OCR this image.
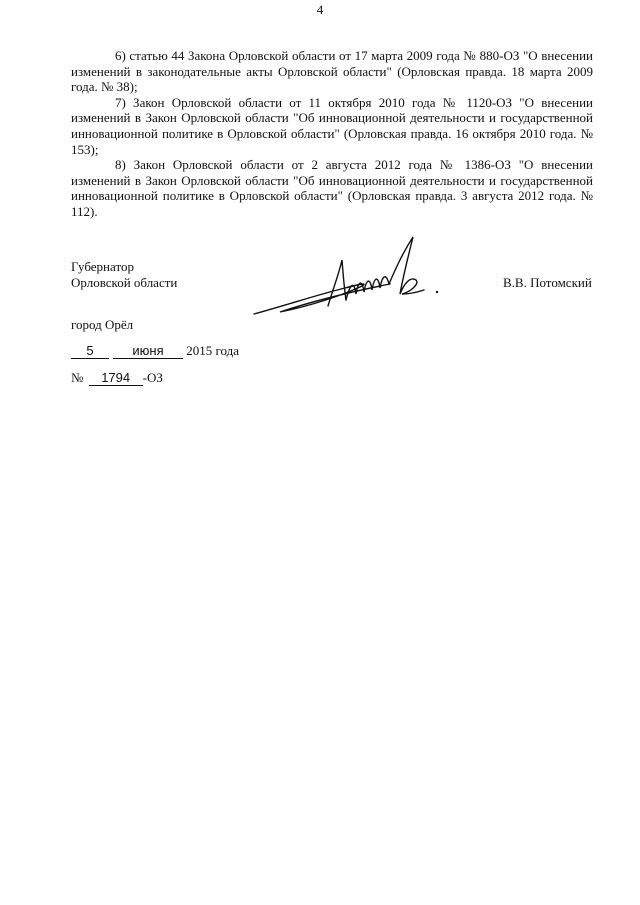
4

6) статью 44 Закона Орловской области от 17 марта 2009 года № 880-ОЗ "О внесении изменений в законодательные акты Орловской области" (Орловская правда. 18 марта 2009 года. № 38);

7) Закон Орловской области от 11 октября 2010 года № 1120-ОЗ "О внесении изменений в Закон Орловской области "Об инновационной деятельности и государственной инновационной политике в Орловской области" (Орловская правда. 16 октября 2010 года. № 153);

8) Закон Орловской области от 2 августа 2012 года № 1386-ОЗ "О внесении изменений в Закон Орловской области "Об инновационной деятельности и государственной инновационной политике в Орловской области" (Орловская правда. 3 августа 2012 года. № 112).

Губернатор
Орловской области	В.В. Потомский
город Орёл
5	июня 2015 года
№ 1794 -ОЗ
